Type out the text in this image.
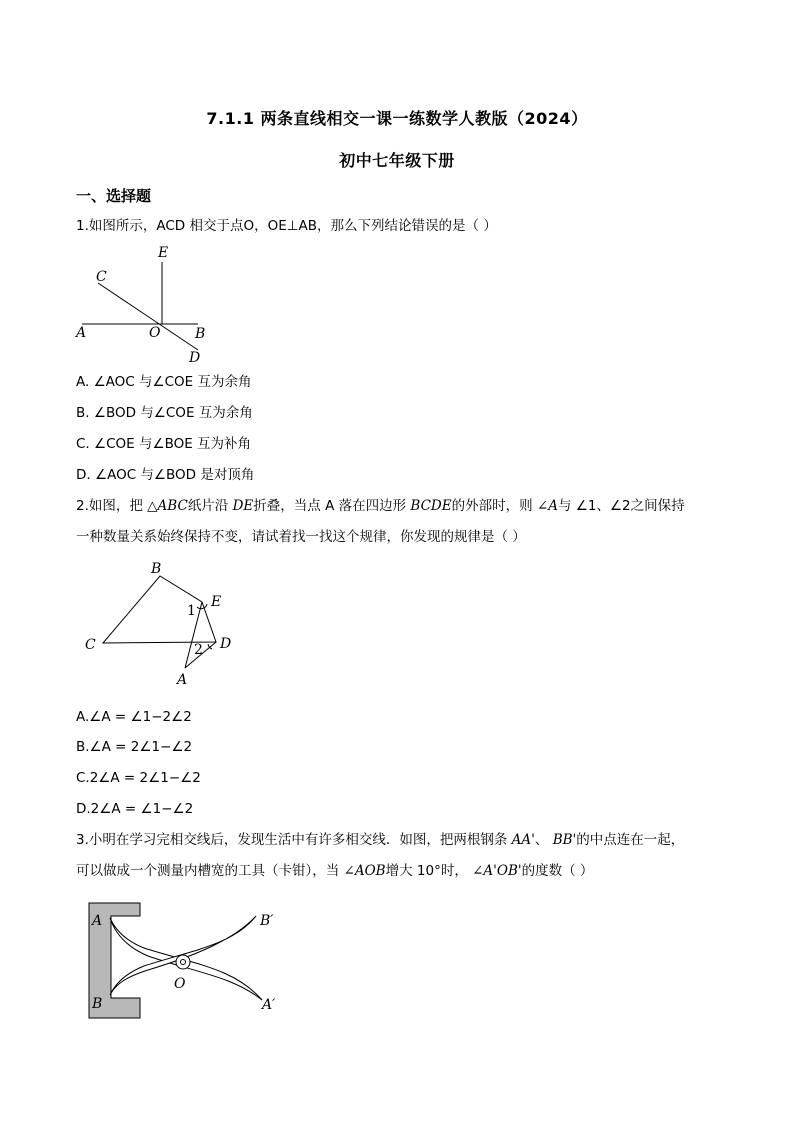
7.1.1 两条直线相交一课一练数学人教版（2024）
初中七年级下册
一、选择题
1.如图所示，ACD 相交于点O，OE⊥AB，那么下列结论错误的是（ ）
E
C
A	O B
D
A. ∠AOC 与∠COE 互为余角
B. ∠BOD 与∠COE 互为余角
C. ∠COE 与∠BOE 互为补角
D. ∠AOC 与∠BOD 是对顶角
2.如图，把 △ABC纸片沿 DE折叠，当点 A 落在四边形 BCDE的外部时，则 ∠A与 ∠1、∠2之间保持
一种数量关系始终保持不变，请试着找一找这个规律，你发现的规律是（ ）
B
E
1
C	2 D
A
A.∠A = ∠1−2∠2
B.∠A = 2∠1−∠2
C.2∠A = 2∠1−∠2
D.2∠A = ∠1−∠2
3.小明在学习完相交线后，发现生活中有许多相交线．如图，把两根钢条 AA'、 BB'的中点连在一起，
可以做成一个测量内槽宽的工具（卡钳），当 ∠AOB增大 10°时， ∠A'OB'的度数（ ）
A
B
B′
A′
O
